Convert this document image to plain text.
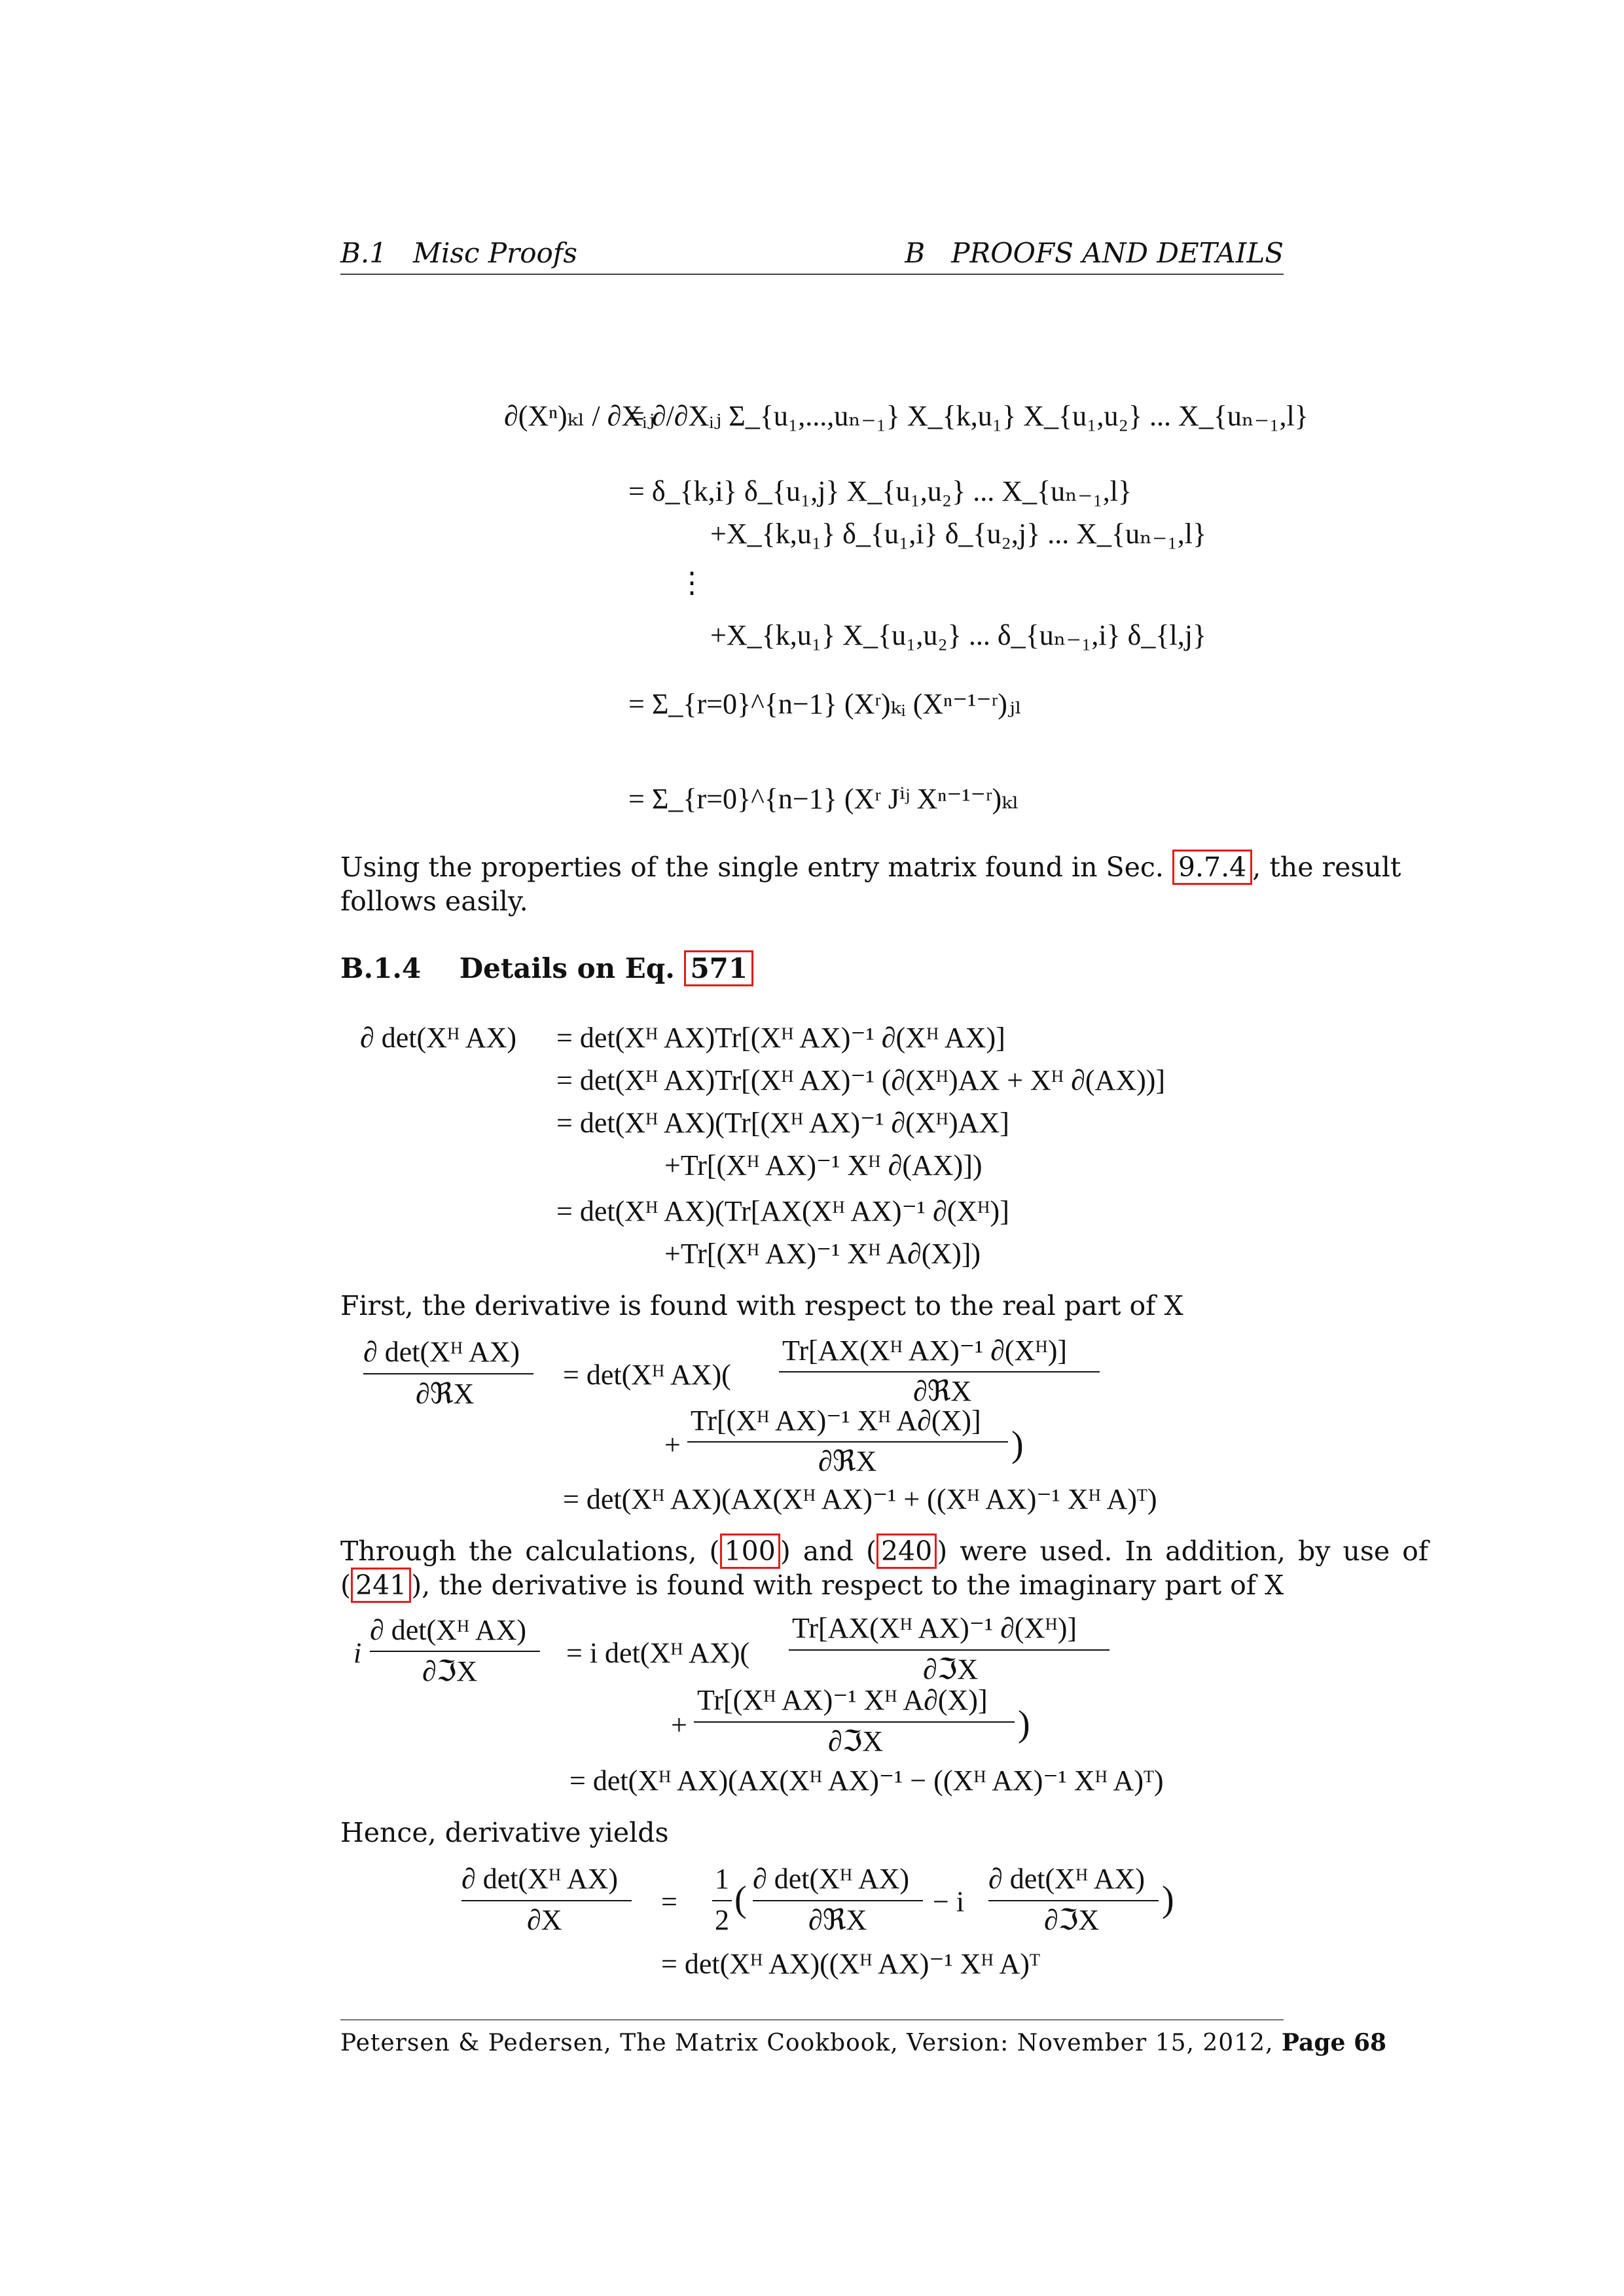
B.1 Misc Proofs	B PROOFS AND DETAILS
∂(Xⁿ)ₖₗ / ∂Xᵢⱼ
= ∂/∂Xᵢⱼ Σ_{u₁,...,uₙ₋₁} X_{k,u₁} X_{u₁,u₂} ... X_{uₙ₋₁,l}
= δ_{k,i} δ_{u₁,j} X_{u₁,u₂} ... X_{uₙ₋₁,l}
+X_{k,u₁} δ_{u₁,i} δ_{u₂,j} ... X_{uₙ₋₁,l}
⋮
+X_{k,u₁} X_{u₁,u₂} ... δ_{uₙ₋₁,i} δ_{l,j}
= Σ_{r=0}^{n−1} (Xʳ)ₖᵢ (Xⁿ⁻¹⁻ʳ)ⱼₗ
= Σ_{r=0}^{n−1} (Xʳ Jⁱʲ Xⁿ⁻¹⁻ʳ)ₖₗ
Using the properties of the single entry matrix found in Sec. 9.7.4 , the result
follows easily.
B.1.4 Details on Eq. 571
∂ det(Xᴴ AX) = det(Xᴴ AX)Tr[(Xᴴ AX)⁻¹ ∂(Xᴴ AX)]
= det(Xᴴ AX)Tr[(Xᴴ AX)⁻¹ (∂(Xᴴ)AX + Xᴴ ∂(AX))]
= det(Xᴴ AX)(Tr[(Xᴴ AX)⁻¹ ∂(Xᴴ)AX]
+Tr[(Xᴴ AX)⁻¹ Xᴴ ∂(AX)])
= det(Xᴴ AX)(Tr[AX(Xᴴ AX)⁻¹ ∂(Xᴴ)]
+Tr[(Xᴴ AX)⁻¹ Xᴴ A∂(X)])
First, the derivative is found with respect to the real part of X
∂ det(Xᴴ AX)
∂ℜX
= det(Xᴴ AX)(
Tr[AX(Xᴴ AX)⁻¹ ∂(Xᴴ)]
∂ℜX
+
Tr[(Xᴴ AX)⁻¹ Xᴴ A∂(X)]
∂ℜX	)
= det(Xᴴ AX)(AX(Xᴴ AX)⁻¹ + ((Xᴴ AX)⁻¹ Xᴴ A)ᵀ)
Through the calculations, ( 100 ) and ( 240 ) were used. In addition, by use of
( 241 ), the derivative is found with respect to the imaginary part of X
i
∂ det(Xᴴ AX)
∂ℑX
= i det(Xᴴ AX)(
Tr[AX(Xᴴ AX)⁻¹ ∂(Xᴴ)]
∂ℑX
+
Tr[(Xᴴ AX)⁻¹ Xᴴ A∂(X)]
∂ℑX	)
= det(Xᴴ AX)(AX(Xᴴ AX)⁻¹ − ((Xᴴ AX)⁻¹ Xᴴ A)ᵀ)
Hence, derivative yields
∂ det(Xᴴ AX)
∂X
=
1
2
(
∂ det(Xᴴ AX)
∂ℜX
− i
∂ det(Xᴴ AX)
∂ℑX
)
= det(Xᴴ AX)((Xᴴ AX)⁻¹ Xᴴ A)ᵀ
Petersen & Pedersen, The Matrix Cookbook, Version: November 15, 2012, Page 68
